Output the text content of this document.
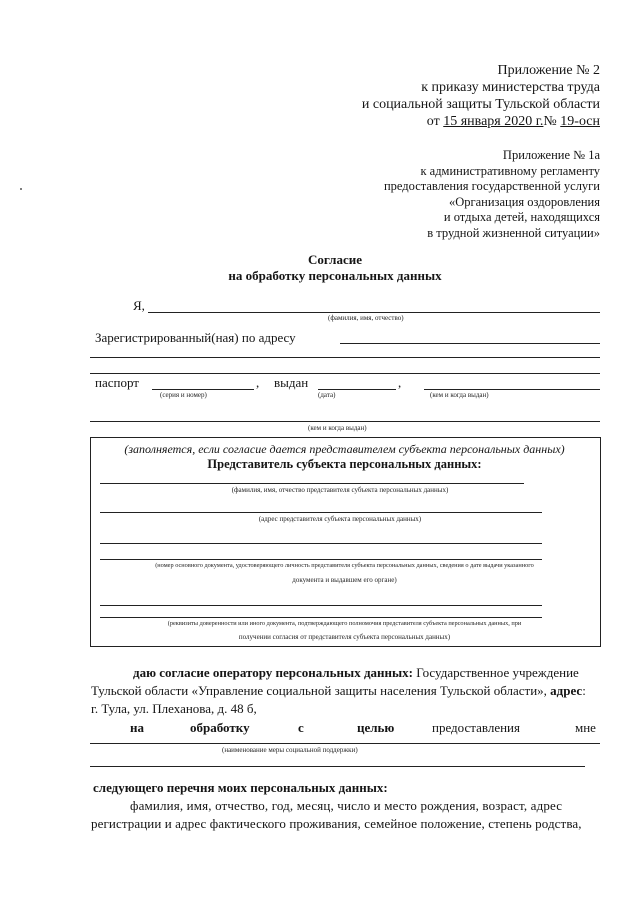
Приложение № 2
к приказу министерства труда
и социальной защиты Тульской области
от 15 января 2020 г.№ 19-осн
Приложение № 1а
к административному регламенту
предоставления государственной услуги
«Организация оздоровления
и отдыха детей, находящихся
в трудной жизненной ситуации»
Согласие
на обработку персональных данных
Я,
(фамилия, имя, отчество)
Зарегистрированный(ная) по адресу
паспорт
(серия и номер)
, выдан
(дата)
,
(кем и когда выдан)
(кем и когда выдан)
(заполняется, если согласие дается представителем субъекта персональных данных)
Представитель субъекта персональных данных:
(фамилия, имя, отчество представителя субъекта персональных данных)
(адрес представителя субъекта персональных данных)
(номер основного документа, удостоверяющего личность представителя субъекта персональных данных, сведения о дате выдачи указанного
документа и выдавшем его органе)
(реквизиты доверенности или иного документа, подтверждающего полномочия представителя субъекта персональных данных, при
получении согласия от представителя субъекта персональных данных)
даю согласие оператору персональных данных: Государственное учреждение
Тульской области «Управление социальной защиты населения Тульской области», адрес:
г. Тула, ул. Плеханова, д. 48 б,
на	обработку	с	целью	предоставления	мне
(наименование меры социальной поддержки)
следующего перечня моих персональных данных:
фамилия, имя, отчество, год, месяц, число и место рождения, возраст, адрес
регистрации и адрес фактического проживания, семейное положение, степень родства,
